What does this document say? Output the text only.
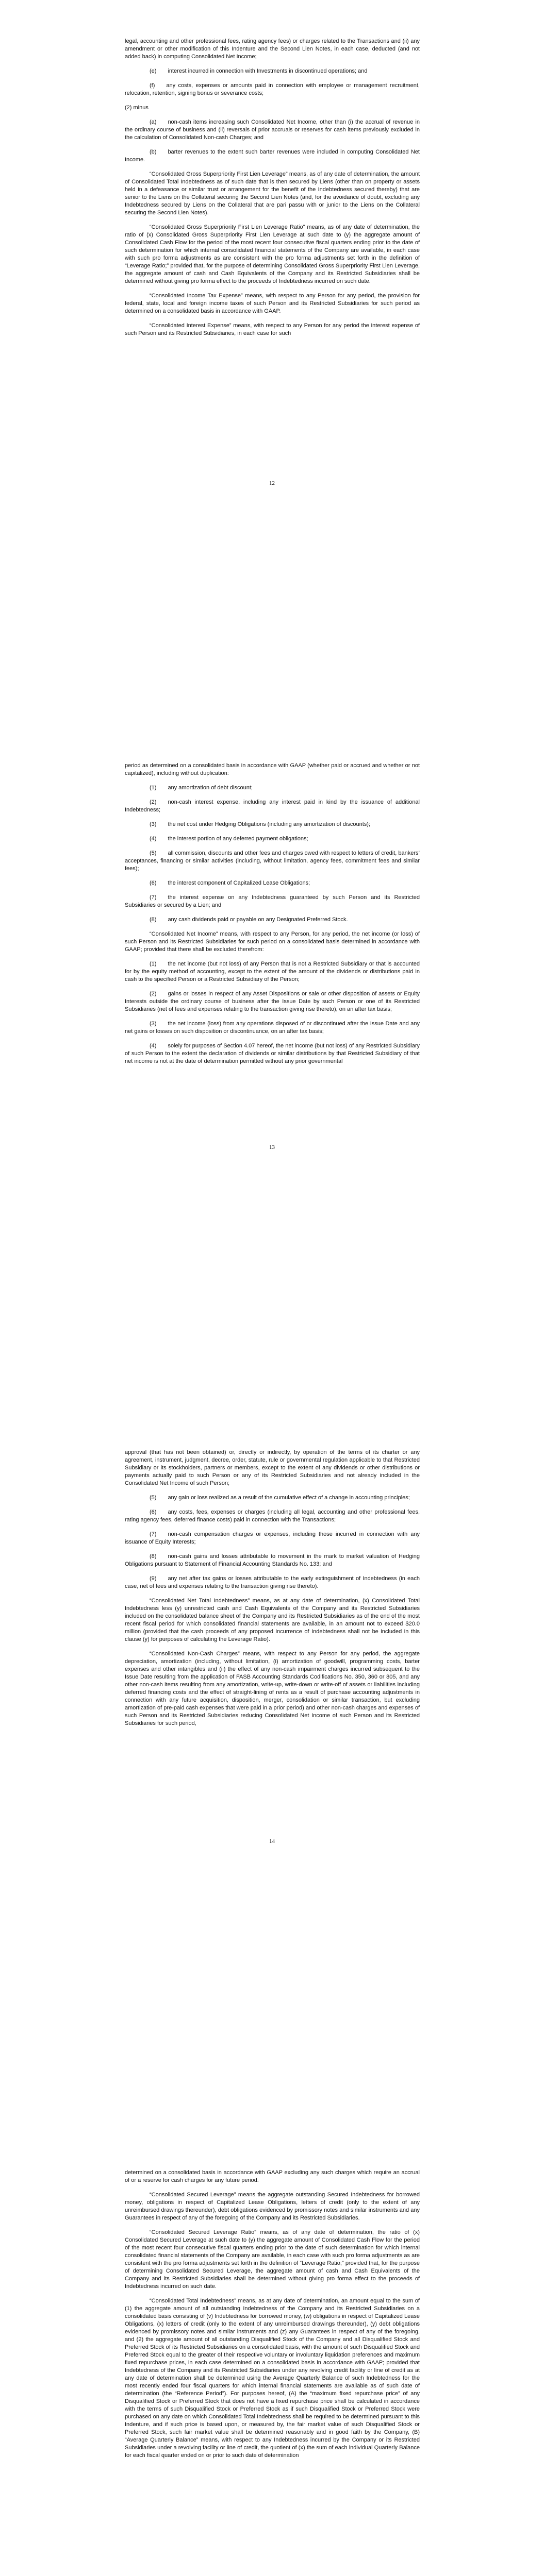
legal, accounting and other professional fees, rating agency fees) or charges related to the Transactions and (ii) any amendment or other modification of this Indenture and the Second Lien Notes, in each case, deducted (and not added back) in computing Consolidated Net Income;

(e)  interest incurred in connection with Investments in discontinued operations; and

(f)  any costs, expenses or amounts paid in connection with employee or management recruitment, relocation, retention, signing bonus or severance costs;

(2) minus

(a)  non-cash items increasing such Consolidated Net Income, other than (i) the accrual of revenue in the ordinary course of business and (ii) reversals of prior accruals or reserves for cash items previously excluded in the calculation of Consolidated Non-cash Charges; and

(b)  barter revenues to the extent such barter revenues were included in computing Consolidated Net Income.

“Consolidated Gross Superpriority First Lien Leverage” means, as of any date of determination, the amount of Consolidated Total Indebtedness as of such date that is then secured by Liens (other than on property or assets held in a defeasance or similar trust or arrangement for the benefit of the Indebtedness secured thereby) that are senior to the Liens on the Collateral securing the Second Lien Notes (and, for the avoidance of doubt, excluding any Indebtedness secured by Liens on the Collateral that are pari passu with or junior to the Liens on the Collateral securing the Second Lien Notes).

“Consolidated Gross Superpriority First Lien Leverage Ratio” means, as of any date of determination, the ratio of (x) Consolidated Gross Superpriority First Lien Leverage at such date to (y) the aggregate amount of Consolidated Cash Flow for the period of the most recent four consecutive fiscal quarters ending prior to the date of such determination for which internal consolidated financial statements of the Company are available, in each case with such pro forma adjustments as are consistent with the pro forma adjustments set forth in the definition of “Leverage Ratio;” provided that, for the purpose of determining Consolidated Gross Superpriority First Lien Leverage, the aggregate amount of cash and Cash Equivalents of the Company and its Restricted Subsidiaries shall be determined without giving pro forma effect to the proceeds of Indebtedness incurred on such date.

“Consolidated Income Tax Expense” means, with respect to any Person for any period, the provision for federal, state, local and foreign income taxes of such Person and its Restricted Subsidiaries for such period as determined on a consolidated basis in accordance with GAAP.

“Consolidated Interest Expense” means, with respect to any Person for any period the interest expense of such Person and its Restricted Subsidiaries, in each case for such

12

period as determined on a consolidated basis in accordance with GAAP (whether paid or accrued and whether or not capitalized), including without duplication:

(1)  any amortization of debt discount;

(2)  non-cash interest expense, including any interest paid in kind by the issuance of additional Indebtedness;

(3)  the net cost under Hedging Obligations (including any amortization of discounts);

(4)  the interest portion of any deferred payment obligations;

(5)  all commission, discounts and other fees and charges owed with respect to letters of credit, bankers’ acceptances, financing or similar activities (including, without limitation, agency fees, commitment fees and similar fees);

(6)  the interest component of Capitalized Lease Obligations;

(7)  the interest expense on any Indebtedness guaranteed by such Person and its Restricted Subsidiaries or secured by a Lien; and

(8)  any cash dividends paid or payable on any Designated Preferred Stock.

“Consolidated Net Income” means, with respect to any Person, for any period, the net income (or loss) of such Person and its Restricted Subsidiaries for such period on a consolidated basis determined in accordance with GAAP; provided that there shall be excluded therefrom:

(1)  the net income (but not loss) of any Person that is not a Restricted Subsidiary or that is accounted for by the equity method of accounting, except to the extent of the amount of the dividends or distributions paid in cash to the specified Person or a Restricted Subsidiary of the Person;

(2)  gains or losses in respect of any Asset Dispositions or sale or other disposition of assets or Equity Interests outside the ordinary course of business after the Issue Date by such Person or one of its Restricted Subsidiaries (net of fees and expenses relating to the transaction giving rise thereto), on an after tax basis;

(3)  the net income (loss) from any operations disposed of or discontinued after the Issue Date and any net gains or losses on such disposition or discontinuance, on an after tax basis;

(4)  solely for purposes of Section 4.07 hereof, the net income (but not loss) of any Restricted Subsidiary of such Person to the extent the declaration of dividends or similar distributions by that Restricted Subsidiary of that net income is not at the date of determination permitted without any prior governmental

13

approval (that has not been obtained) or, directly or indirectly, by operation of the terms of its charter or any agreement, instrument, judgment, decree, order, statute, rule or governmental regulation applicable to that Restricted Subsidiary or its stockholders, partners or members, except to the extent of any dividends or other distributions or payments actually paid to such Person or any of its Restricted Subsidiaries and not already included in the Consolidated Net Income of such Person;

(5)  any gain or loss realized as a result of the cumulative effect of a change in accounting principles;

(6)  any costs, fees, expenses or charges (including all legal, accounting and other professional fees, rating agency fees, deferred finance costs) paid in connection with the Transactions;

(7)  non-cash compensation charges or expenses, including those incurred in connection with any issuance of Equity Interests;

(8)  non-cash gains and losses attributable to movement in the mark to market valuation of Hedging Obligations pursuant to Statement of Financial Accounting Standards No. 133; and

(9)  any net after tax gains or losses attributable to the early extinguishment of Indebtedness (in each case, net of fees and expenses relating to the transaction giving rise thereto).

“Consolidated Net Total Indebtedness” means, as at any date of determination, (x) Consolidated Total Indebtedness less (y) unrestricted cash and Cash Equivalents of the Company and its Restricted Subsidiaries included on the consolidated balance sheet of the Company and its Restricted Subsidiaries as of the end of the most recent fiscal period for which consolidated financial statements are available, in an amount not to exceed $20.0 million (provided that the cash proceeds of any proposed incurrence of Indebtedness shall not be included in this clause (y) for purposes of calculating the Leverage Ratio).

“Consolidated Non-Cash Charges” means, with respect to any Person for any period, the aggregate depreciation, amortization (including, without limitation, (i) amortization of goodwill, programming costs, barter expenses and other intangibles and (ii) the effect of any non-cash impairment charges incurred subsequent to the Issue Date resulting from the application of FASB Accounting Standards Codifications No. 350, 360 or 805, and any other non-cash items resulting from any amortization, write-up, write-down or write-off of assets or liabilities including deferred financing costs and the effect of straight-lining of rents as a result of purchase accounting adjustments in connection with any future acquisition, disposition, merger, consolidation or similar transaction, but excluding amortization of pre-paid cash expenses that were paid in a prior period) and other non-cash charges and expenses of such Person and its Restricted Subsidiaries reducing Consolidated Net Income of such Person and its Restricted Subsidiaries for such period,

14

determined on a consolidated basis in accordance with GAAP excluding any such charges which require an accrual of or a reserve for cash charges for any future period.

“Consolidated Secured Leverage” means the aggregate outstanding Secured Indebtedness for borrowed money, obligations in respect of Capitalized Lease Obligations, letters of credit (only to the extent of any unreimbursed drawings thereunder), debt obligations evidenced by promissory notes and similar instruments and any Guarantees in respect of any of the foregoing of the Company and its Restricted Subsidiaries.

“Consolidated Secured Leverage Ratio” means, as of any date of determination, the ratio of (x) Consolidated Secured Leverage at such date to (y) the aggregate amount of Consolidated Cash Flow for the period of the most recent four consecutive fiscal quarters ending prior to the date of such determination for which internal consolidated financial statements of the Company are available, in each case with such pro forma adjustments as are consistent with the pro forma adjustments set forth in the definition of “Leverage Ratio;” provided that, for the purpose of determining Consolidated Secured Leverage, the aggregate amount of cash and Cash Equivalents of the Company and its Restricted Subsidiaries shall be determined without giving pro forma effect to the proceeds of Indebtedness incurred on such date.

“Consolidated Total Indebtedness” means, as at any date of determination, an amount equal to the sum of (1) the aggregate amount of all outstanding Indebtedness of the Company and its Restricted Subsidiaries on a consolidated basis consisting of (v) Indebtedness for borrowed money, (w) obligations in respect of Capitalized Lease Obligations, (x) letters of credit (only to the extent of any unreimbursed drawings thereunder), (y) debt obligations evidenced by promissory notes and similar instruments and (z) any Guarantees in respect of any of the foregoing, and (2) the aggregate amount of all outstanding Disqualified Stock of the Company and all Disqualified Stock and Preferred Stock of its Restricted Subsidiaries on a consolidated basis, with the amount of such Disqualified Stock and Preferred Stock equal to the greater of their respective voluntary or involuntary liquidation preferences and maximum fixed repurchase prices, in each case determined on a consolidated basis in accordance with GAAP; provided that Indebtedness of the Company and its Restricted Subsidiaries under any revolving credit facility or line of credit as at any date of determination shall be determined using the Average Quarterly Balance of such Indebtedness for the most recently ended four fiscal quarters for which internal financial statements are available as of such date of determination (the “Reference Period”). For purposes hereof, (A) the “maximum fixed repurchase price” of any Disqualified Stock or Preferred Stock that does not have a fixed repurchase price shall be calculated in accordance with the terms of such Disqualified Stock or Preferred Stock as if such Disqualified Stock or Preferred Stock were purchased on any date on which Consolidated Total Indebtedness shall be required to be determined pursuant to this Indenture, and if such price is based upon, or measured by, the fair market value of such Disqualified Stock or Preferred Stock, such fair market value shall be determined reasonably and in good faith by the Company, (B) “Average Quarterly Balance” means, with respect to any Indebtedness incurred by the Company or its Restricted Subsidiaries under a revolving facility or line of credit, the quotient of (x) the sum of each individual Quarterly Balance for each fiscal quarter ended on or prior to such date of determination
